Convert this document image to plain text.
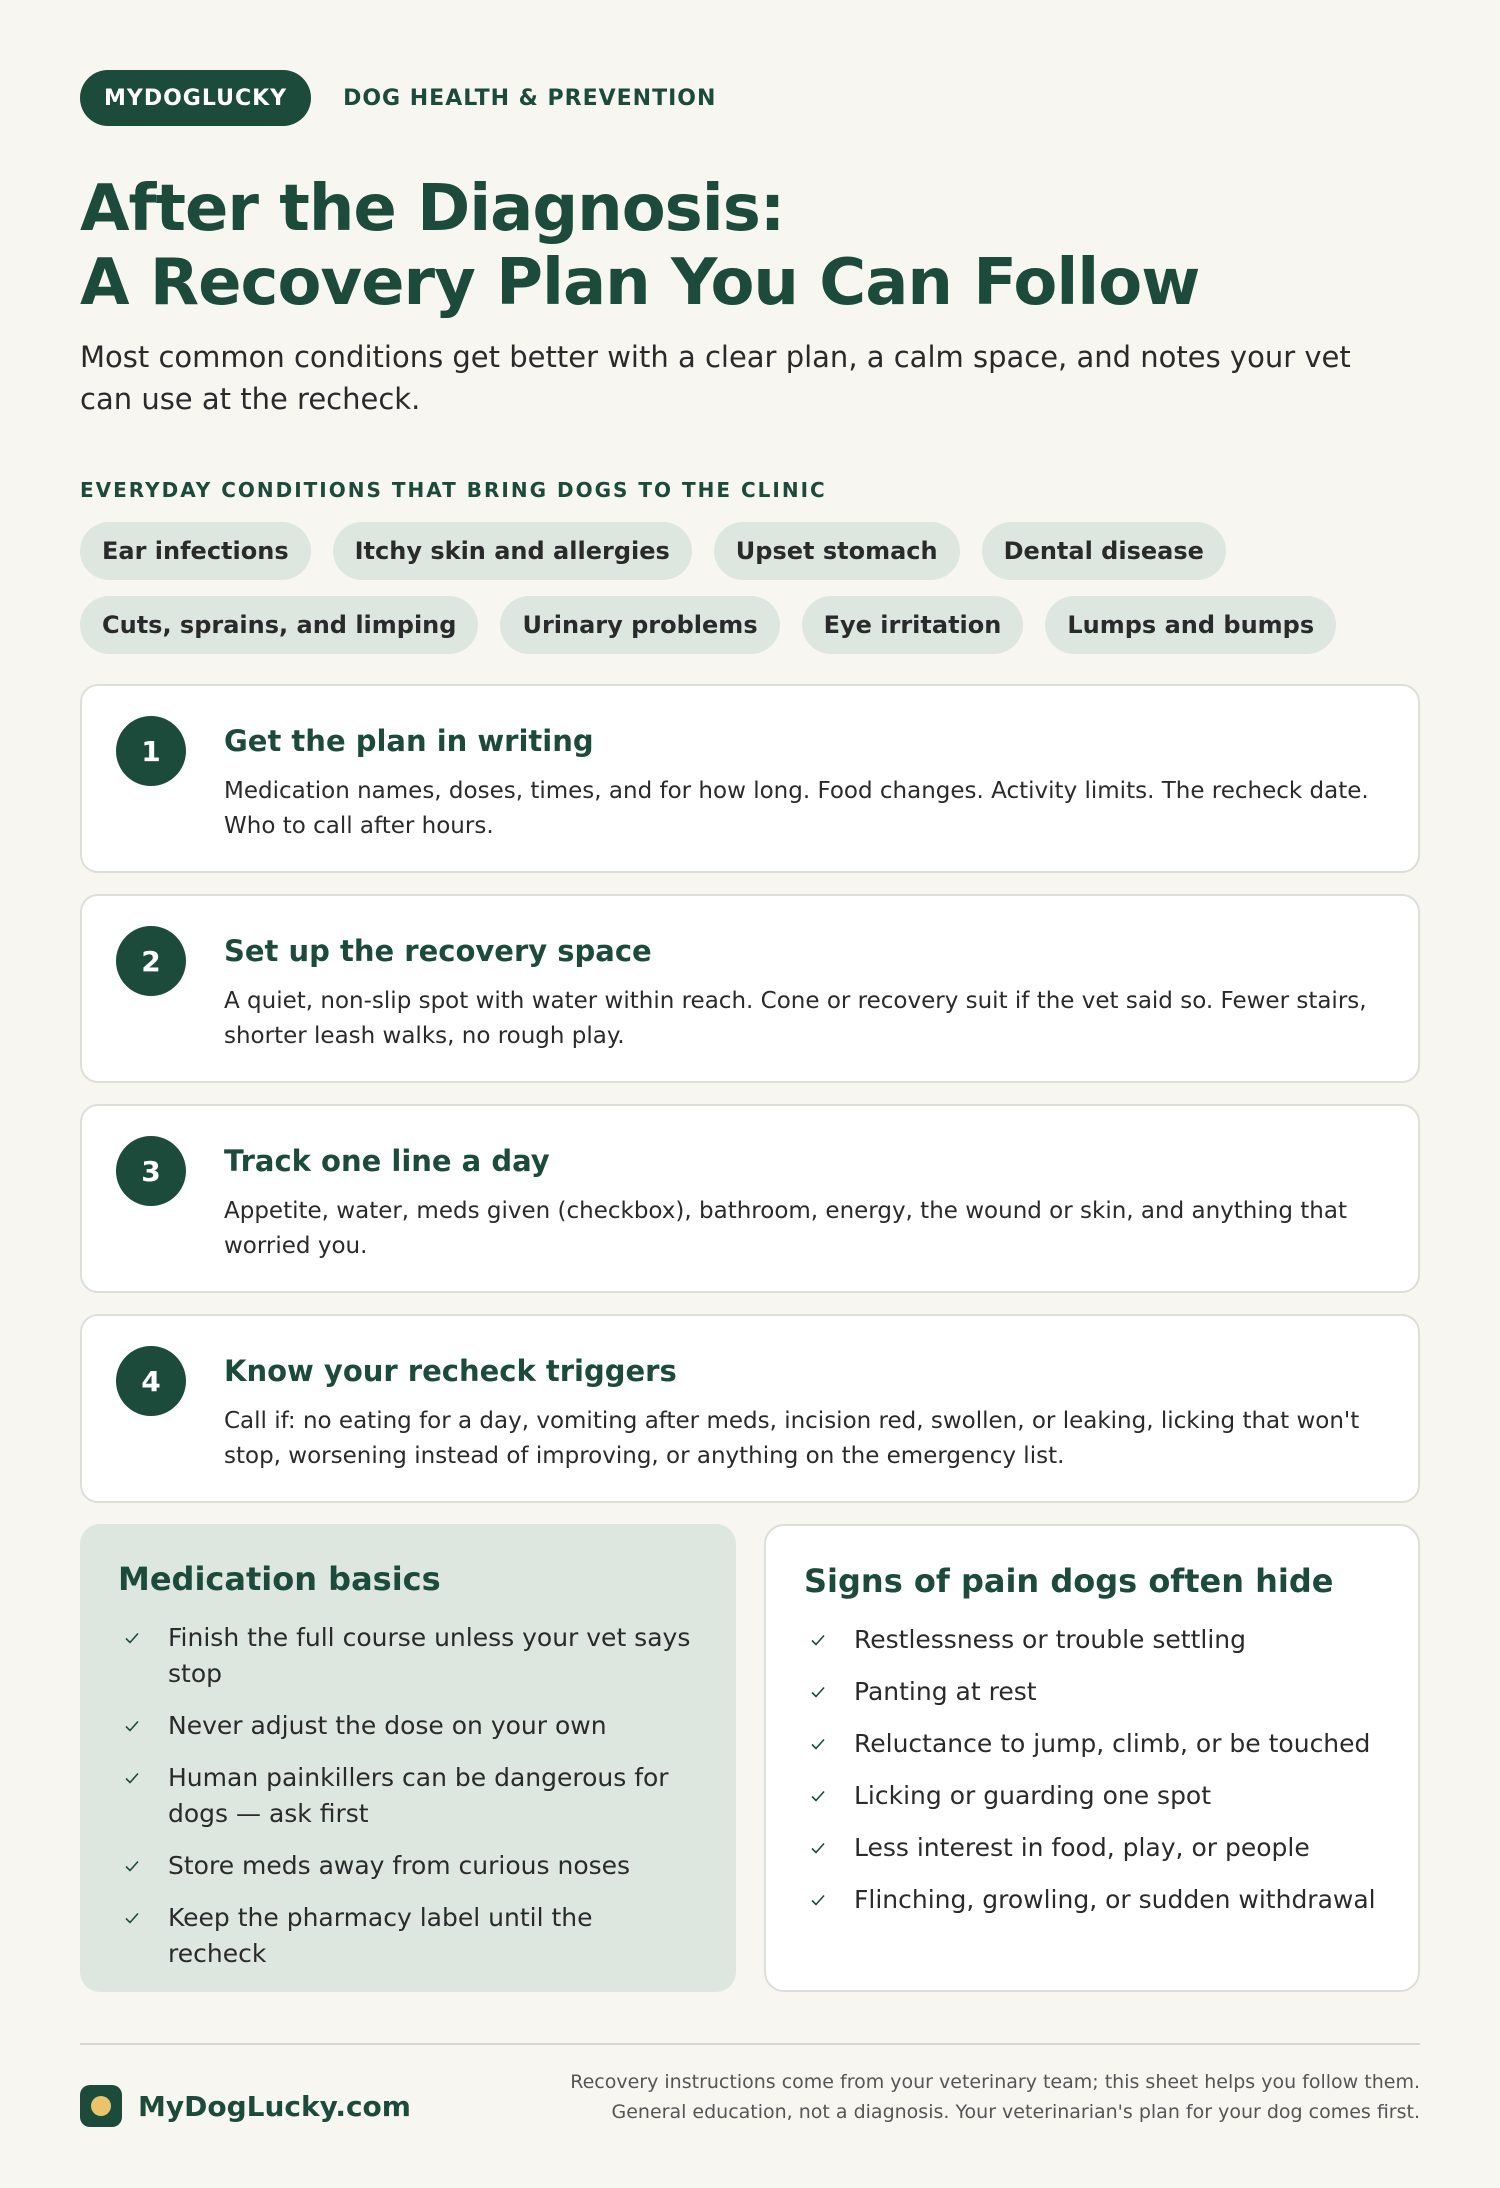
MYDOGLUCKY	DOG HEALTH & PREVENTION
After the Diagnosis:
A Recovery Plan You Can Follow

Most common conditions get better with a clear plan, a calm space, and notes your vet can use at the recheck.

EVERYDAY CONDITIONS THAT BRING DOGS TO THE CLINIC
Ear infections	Itchy skin and allergies	Upset stomach	Dental disease
Cuts, sprains, and limping	Urinary problems	Eye irritation	Lumps and bumps
1	Get the plan in writing
Medication names, doses, times, and for how long. Food changes. Activity limits. The recheck date. Who to call after hours.
2	Set up the recovery space
A quiet, non-slip spot with water within reach. Cone or recovery suit if the vet said so. Fewer stairs, shorter leash walks, no rough play.
3	Track one line a day
Appetite, water, meds given (checkbox), bathroom, energy, the wound or skin, and anything that worried you.
4	Know your recheck triggers
Call if: no eating for a day, vomiting after meds, incision red, swollen, or leaking, licking that won't stop, worsening instead of improving, or anything on the emergency list.
Medication basics
Finish the full course unless your vet says stop
Never adjust the dose on your own
Human painkillers can be dangerous for dogs — ask first
Store meds away from curious noses
Keep the pharmacy label until the recheck
Signs of pain dogs often hide
Restlessness or trouble settling
Panting at rest
Reluctance to jump, climb, or be touched
Licking or guarding one spot
Less interest in food, play, or people
Flinching, growling, or sudden withdrawal
MyDogLucky.com
Recovery instructions come from your veterinary team; this sheet helps you follow them.
General education, not a diagnosis. Your veterinarian's plan for your dog comes first.
